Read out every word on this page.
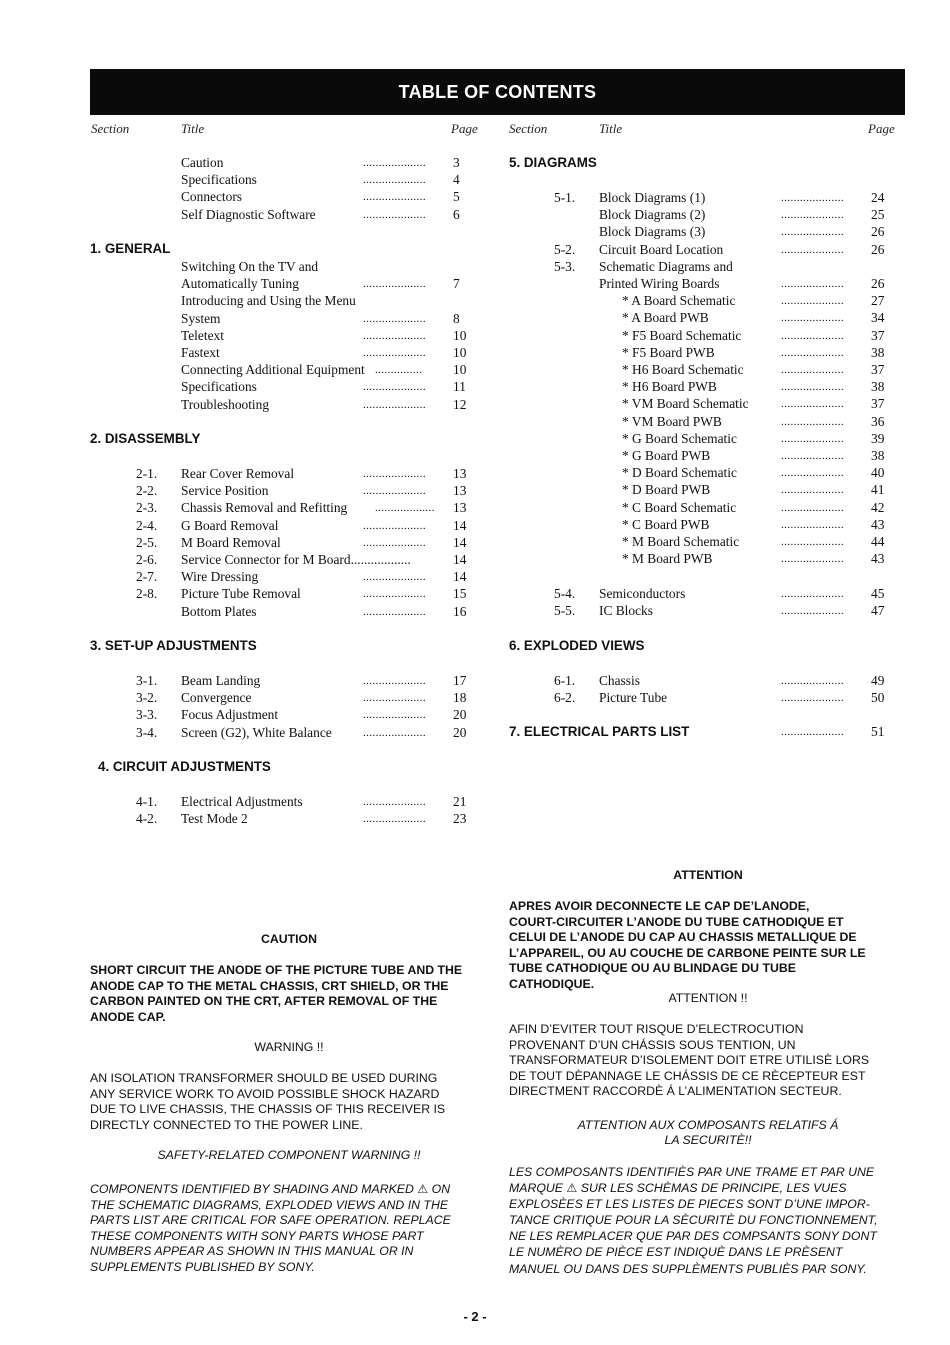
TABLE OF CONTENTS
Section	Title	Page Section	Title	Page
Caution	.................... 3
Specifications	.................... 4
Connectors	.................... 5
Self Diagnostic Software	.................... 6
1. GENERAL
Switching On the TV and
Automatically Tuning	.................... 7
Introducing and Using the Menu
System	.................... 8
Teletext	.................... 10
Fastext	.................... 10
Connecting Additional Equipment ............... 10
Specifications	.................... 11
Troubleshooting	.................... 12
2. DISASSEMBLY
2-1. Rear Cover Removal	.................... 13
2-2. Service Position	.................... 13
2-3. Chassis Removal and Refitting	................... 13
2-4. G Board Removal	.................... 14
2-5. M Board Removal	.................... 14
2-6. Service Connector for M Board..................	14
2-7. Wire Dressing	.................... 14
2-8. Picture Tube Removal	.................... 15
Bottom Plates	.................... 16
3. SET-UP ADJUSTMENTS
3-1. Beam Landing	.................... 17
3-2. Convergence	.................... 18
3-3. Focus Adjustment	.................... 20
3-4. Screen (G2), White Balance	.................... 20
4. CIRCUIT ADJUSTMENTS
4-1. Electrical Adjustments	.................... 21
4-2. Test Mode 2	.................... 23
5. DIAGRAMS
5-1. Block Diagrams (1)	.................... 24
Block Diagrams (2)	.................... 25
Block Diagrams (3)	.................... 26
5-2. Circuit Board Location	.................... 26
5-3. Schematic Diagrams and
Printed Wiring Boards	.................... 26
* A Board Schematic	.................... 27
* A Board PWB	.................... 34
* F5 Board Schematic	.................... 37
* F5 Board PWB	.................... 38
* H6 Board Schematic	.................... 37
* H6 Board PWB	.................... 38
* VM Board Schematic	.................... 37
* VM Board PWB	.................... 36
* G Board Schematic	.................... 39
* G Board PWB	.................... 38
* D Board Schematic	.................... 40
* D Board PWB	.................... 41
* C Board Schematic	.................... 42
* C Board PWB	.................... 43
* M Board Schematic	.................... 44
* M Board PWB	.................... 43
5-4. Semiconductors	.................... 45
5-5. IC Blocks	.................... 47
6. EXPLODED VIEWS
6-1. Chassis	.................... 49
6-2. Picture Tube	.................... 50
7. ELECTRICAL PARTS LIST	.................... 51
CAUTION
SHORT CIRCUIT THE ANODE OF THE PICTURE TUBE AND THE
ANODE CAP TO THE METAL CHASSIS, CRT SHIELD, OR THE
CARBON PAINTED ON THE CRT, AFTER REMOVAL OF THE
ANODE CAP.
WARNING !!
AN ISOLATION TRANSFORMER SHOULD BE USED DURING
ANY SERVICE WORK TO AVOID POSSIBLE SHOCK HAZARD
DUE TO LIVE CHASSIS, THE CHASSIS OF THIS RECEIVER IS
DIRECTLY CONNECTED TO THE POWER LINE.
SAFETY-RELATED COMPONENT WARNING !!
COMPONENTS IDENTIFIED BY SHADING AND MARKED ⚠ ON
THE SCHEMATIC DIAGRAMS, EXPLODED VIEWS AND IN THE
PARTS LIST ARE CRITICAL FOR SAFE OPERATION. REPLACE
THESE COMPONENTS WITH SONY PARTS WHOSE PART
NUMBERS APPEAR AS SHOWN IN THIS MANUAL OR IN
SUPPLEMENTS PUBLISHED BY SONY.
ATTENTION
APRES AVOIR DECONNECTE LE CAP DE’LANODE,
COURT-CIRCUITER L’ANODE DU TUBE CATHODIQUE ET
CELUI DE L’ANODE DU CAP AU CHASSIS METALLIQUE DE
L’APPAREIL, OU AU COUCHE DE CARBONE PEINTE SUR LE
TUBE CATHODIQUE OU AU BLINDAGE DU TUBE
CATHODIQUE.
ATTENTION !!
AFIN D’EVITER TOUT RISQUE D’ELECTROCUTION
PROVENANT D’UN CHÁSSIS SOUS TENTION, UN
TRANSFORMATEUR D’ISOLEMENT DOIT ETRE UTILISÈ LORS
DE TOUT DÈPANNAGE LE CHÁSSIS DE CE RÈCEPTEUR EST
DIRECTMENT RACCORDÈ Á L’ALIMENTATION SECTEUR.
ATTENTION AUX COMPOSANTS RELATIFS Á
LA SECURITÈ!!
LES COMPOSANTS IDENTIFIÈS PAR UNE TRAME ET PAR UNE
MARQUE ⚠ SUR LES SCHÈMAS DE PRINCIPE, LES VUES
EXPLOSÈES ET LES LISTES DE PIECES SONT D’UNE IMPOR-
TANCE CRITIQUE POUR LA SÈCURITÈ DU FONCTIONNEMENT,
NE LES REMPLACER QUE PAR DES COMPSANTS SONY DONT
LE NUMÈRO DE PIÈCE EST INDIQUÈ DANS LE PRÈSENT
MANUEL OU DANS DES SUPPLÈMENTS PUBLIÈS PAR SONY.
- 2 -
